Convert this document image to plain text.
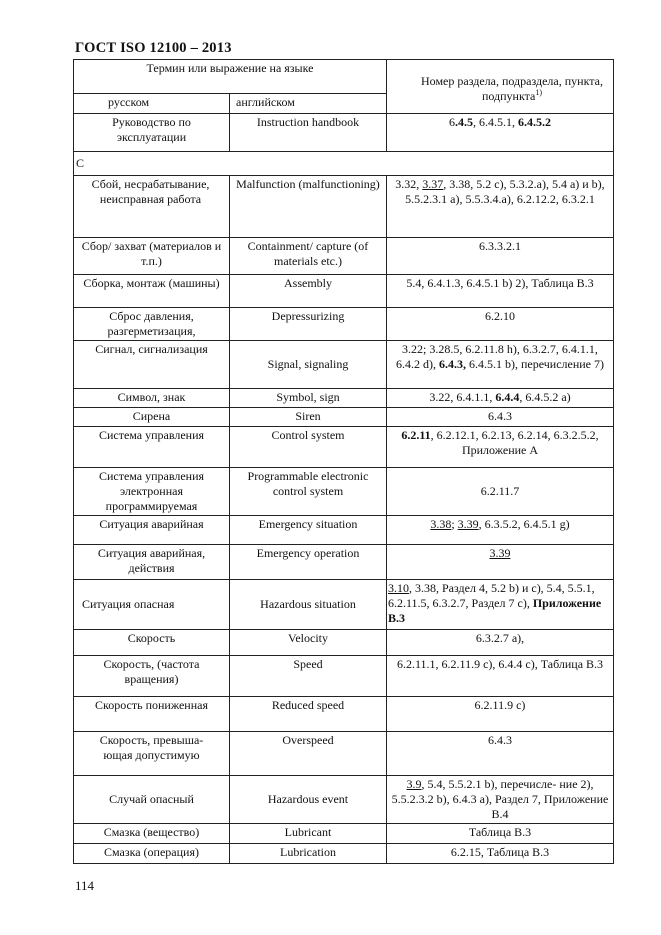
ГОСТ ISO 12100 – 2013
Термин или выражение на языке		Номер раздела, подраздела, пункта, подпункта$^{1)}$
русском	английском	
Руководство по эксплуатации	Instruction handbook	6.4.5, 6.4.5.1, 6.4.5.2
С		

Сбой, несрабатывание, неисправная работа	Malfunction (malfunctioning)	3.32, 3.37, 3.38, 5.2 с), 5.3.2.a), 5.4 a) и b), 5.5.2.3.1 a), 5.5.3.4.a), 6.2.12.2, 6.3.2.1
Сбор/ захват (материалов и т.п.)	Containment/ capture (of materials etc.)	6.3.3.2.1
Сборка, монтаж (машины)	Assembly	5.4, 6.4.1.3, 6.4.5.1 b) 2), Таблица B.3
Сброс давления, разгерметизация,	Depressurizing	6.2.10
Сигнал, сигнализация	Signal, signaling	3.22; 3.28.5, 6.2.11.8 h), 6.3.2.7, 6.4.1.1, 6.4.2 d), 6.4.3, 6.4.5.1 b), перечисление 7)
Символ, знак	Symbol, sign	3.22, 6.4.1.1, 6.4.4, 6.4.5.2 a)
Сирена	Siren	6.4.3
Система управления	Control system	6.2.11, 6.2.12.1, 6.2.13, 6.2.14, 6.3.2.5.2, Приложение A
Система управления электронная программируемая	Programmable electronic control system	6.2.11.7
Ситуация аварийная	Emergency situation	3.38; 3.39, 6.3.5.2, 6.4.5.1 g)
Ситуация аварийная, действия	Emergency operation	3.39
Ситуация опасная	Hazardous situation	3.10, 3.38, Раздел 4, 5.2 b) и c), 5.4, 5.5.1, 6.2.11.5, 6.3.2.7, Раздел 7 c), Приложение B.3
Скорость	Velocity	6.3.2.7 a),
Скорость, (частота вращения)	Speed	6.2.11.1, 6.2.11.9 c), 6.4.4 c), Таблица B.3
Скорость пониженная	Reduced speed	6.2.11.9 c)
Скорость, превыша- ющая допустимую	Overspeed	6.4.3
Случай опасный	Hazardous event	3.9, 5.4, 5.5.2.1 b), перечисле- ние 2), 5.5.2.3.2 b), 6.4.3 a), Раздел 7, Приложение B.4
Смазка (вещество)	Lubricant	Таблица B.3
Смазка (операция)	Lubrication	6.2.15, Таблица B.3
114
